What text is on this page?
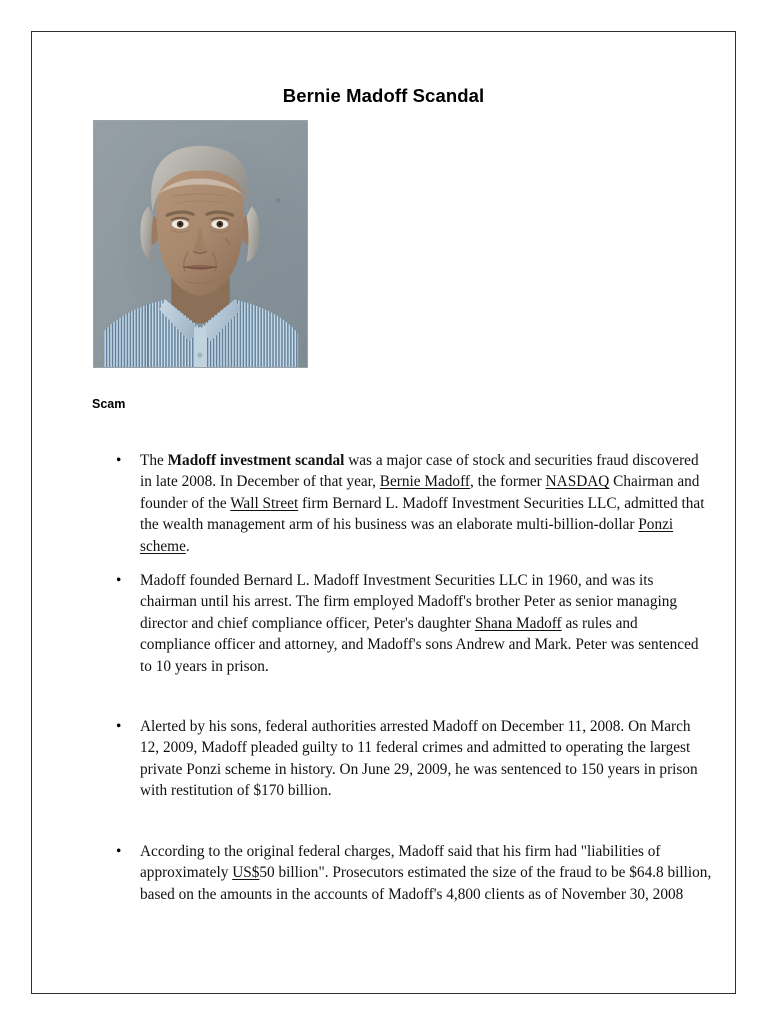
Bernie Madoff Scandal
Scam
• The Madoff investment scandal was a major case of stock and securities fraud discovered in late 2008. In December of that year, Bernie Madoff, the former NASDAQ Chairman and founder of the Wall Street firm Bernard L. Madoff Investment Securities LLC, admitted that the wealth management arm of his business was an elaborate multi-billion-dollar Ponzi scheme.
• Madoff founded Bernard L. Madoff Investment Securities LLC in 1960, and was its chairman until his arrest. The firm employed Madoff's brother Peter as senior managing director and chief compliance officer, Peter's daughter Shana Madoff as rules and compliance officer and attorney, and Madoff's sons Andrew and Mark. Peter was sentenced to 10 years in prison.
• Alerted by his sons, federal authorities arrested Madoff on December 11, 2008. On March 12, 2009, Madoff pleaded guilty to 11 federal crimes and admitted to operating the largest private Ponzi scheme in history. On June 29, 2009, he was sentenced to 150 years in prison with restitution of $170 billion.
• According to the original federal charges, Madoff said that his firm had "liabilities of approximately US$50 billion". Prosecutors estimated the size of the fraud to be $64.8 billion, based on the amounts in the accounts of Madoff's 4,800 clients as of November 30, 2008
